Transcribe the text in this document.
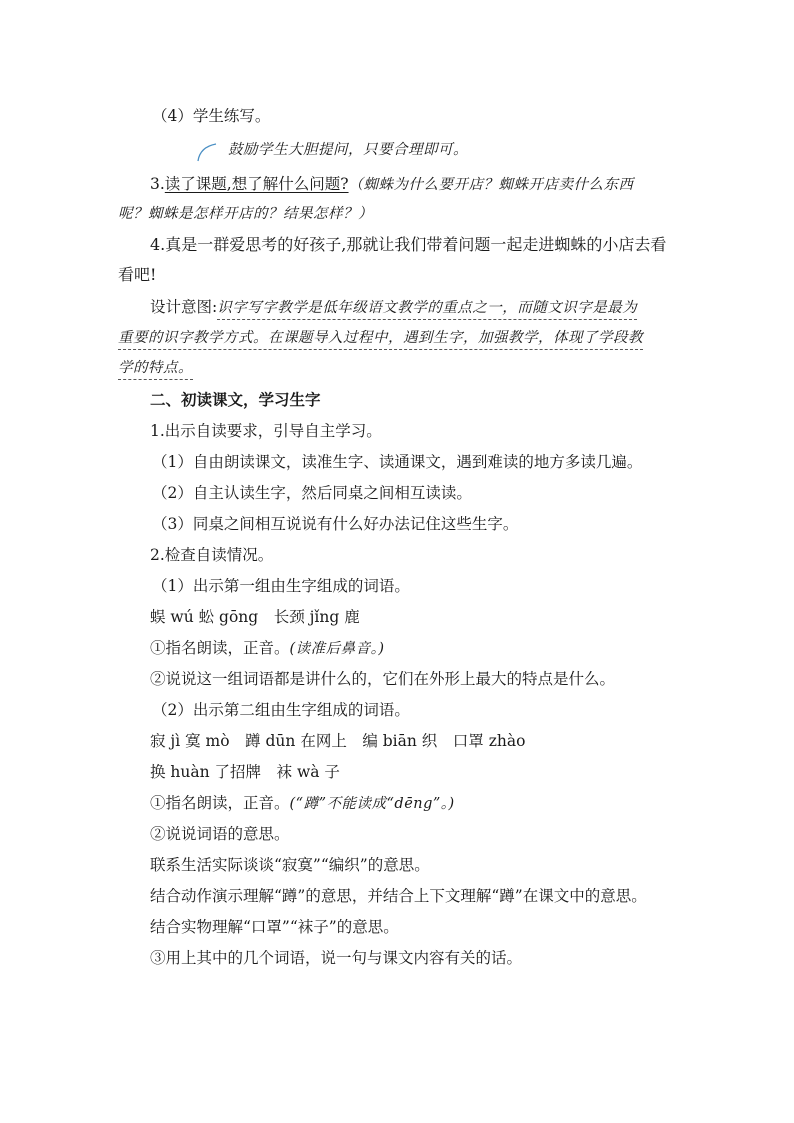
（4）学生练写。
鼓励学生大胆提问，只要合理即可。
3.读了课题,想了解什么问题?（蜘蛛为什么要开店？蜘蛛开店卖什么东西
呢？蜘蛛是怎样开店的？结果怎样？）
4.真是一群爱思考的好孩子,那就让我们带着问题一起走进蜘蛛的小店去看
看吧!
设计意图:识字写字教学是低年级语文教学的重点之一，而随文识字是最为
重要的识字教学方式。在课题导入过程中，遇到生字，加强教学，体现了学段教
学的特点。
二、初读课文，学习生字
1.出示自读要求，引导自主学习。
（1）自由朗读课文，读准生字、读通课文，遇到难读的地方多读几遍。
（2）自主认读生字，然后同桌之间相互读读。
（3）同桌之间相互说说有什么好办法记住这些生字。
2.检查自读情况。
（1）出示第一组由生字组成的词语。
蜈 wú 蚣 gōng　长颈 jǐng 鹿
①指名朗读，正音。(读准后鼻音。)
②说说这一组词语都是讲什么的，它们在外形上最大的特点是什么。
（2）出示第二组由生字组成的词语。
寂 jì 寞 mò　蹲 dūn 在网上　编 biān 织　口罩 zhào
换 huàn 了招牌　袜 wà 子
①指名朗读，正音。(“蹲”不能读成“dēng”。)
②说说词语的意思。
联系生活实际谈谈“寂寞”“编织”的意思。
结合动作演示理解“蹲”的意思，并结合上下文理解“蹲”在课文中的意思。
结合实物理解“口罩”“袜子”的意思。
③用上其中的几个词语，说一句与课文内容有关的话。
